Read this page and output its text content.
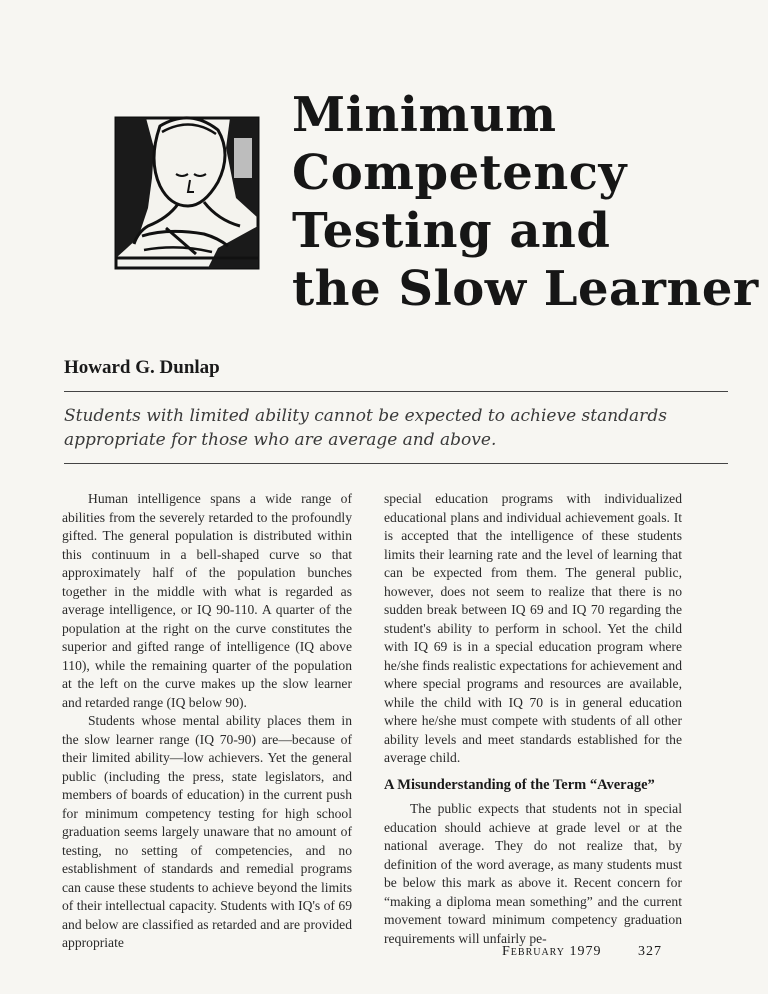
Minimum
Competency
Testing and
the Slow Learner
Howard G. Dunlap
Students with limited ability cannot be expected to achieve standards appropriate for those who are average and above.

Human intelligence spans a wide range of abilities from the severely retarded to the profoundly gifted. The general population is distributed within this continuum in a bell-shaped curve so that approximately half of the population bunches together in the middle with what is regarded as average intelligence, or IQ 90-110. A quarter of the population at the right on the curve constitutes the superior and gifted range of intelligence (IQ above 110), while the remaining quarter of the population at the left on the curve makes up the slow learner and retarded range (IQ below 90).

Students whose mental ability places them in the slow learner range (IQ 70-90) are—because of their limited ability—low achievers. Yet the general public (including the press, state legislators, and members of boards of education) in the current push for minimum competency testing for high school graduation seems largely unaware that no amount of testing, no setting of competencies, and no establishment of standards and remedial programs can cause these students to achieve beyond the limits of their intellectual capacity. Students with IQ's of 69 and below are classified as retarded and are provided appropriate

special education programs with individualized educational plans and individual achievement goals. It is accepted that the intelligence of these students limits their learning rate and the level of learning that can be expected from them. The general public, however, does not seem to realize that there is no sudden break between IQ 69 and IQ 70 regarding the student's ability to perform in school. Yet the child with IQ 69 is in a special education program where he/she finds realistic expectations for achievement and where special programs and resources are available, while the child with IQ 70 is in general education where he/she must compete with students of all other ability levels and meet standards established for the average child.

A Misunderstanding of the Term “Average”

The public expects that students not in special education should achieve at grade level or at the national average. They do not realize that, by definition of the word average, as many students must be below this mark as above it. Recent concern for “making a diploma mean something” and the current movement toward minimum competency graduation requirements will unfairly pe-

February 1979	327
